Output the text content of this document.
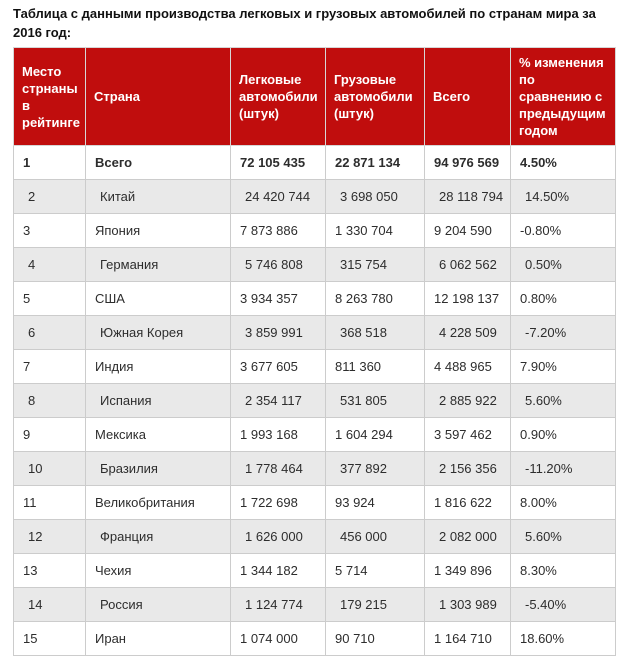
Таблица с данными производства легковых и грузовых автомобилей по странам мира за 2016 год:
Место стрнаны в рейтинге	Страна	Легковые автомобили (штук)	Грузовые автомобили (штук)	Всего	% изменения по сравнению с предыдущим годом
1	Всего	72 105 435	22 871 134	94 976 569	4.50%
2	Китай	24 420 744	3 698 050	28 118 794	14.50%
3	Япония	7 873 886	1 330 704	9 204 590	-0.80%
4	Германия	5 746 808	315 754	6 062 562	0.50%
5	США	3 934 357	8 263 780	12 198 137	0.80%
6	Южная Корея	3 859 991	368 518	4 228 509	-7.20%
7	Индия	3 677 605	811 360	4 488 965	7.90%
8	Испания	2 354 117	531 805	2 885 922	5.60%
9	Мексика	1 993 168	1 604 294	3 597 462	0.90%
10	Бразилия	1 778 464	377 892	2 156 356	-11.20%
11	Великобритания	1 722 698	93 924	1 816 622	8.00%
12	Франция	1 626 000	456 000	2 082 000	5.60%
13	Чехия	1 344 182	5 714	1 349 896	8.30%
14	Россия	1 124 774	179 215	1 303 989	-5.40%
15	Иран	1 074 000	90 710	1 164 710	18.60%
